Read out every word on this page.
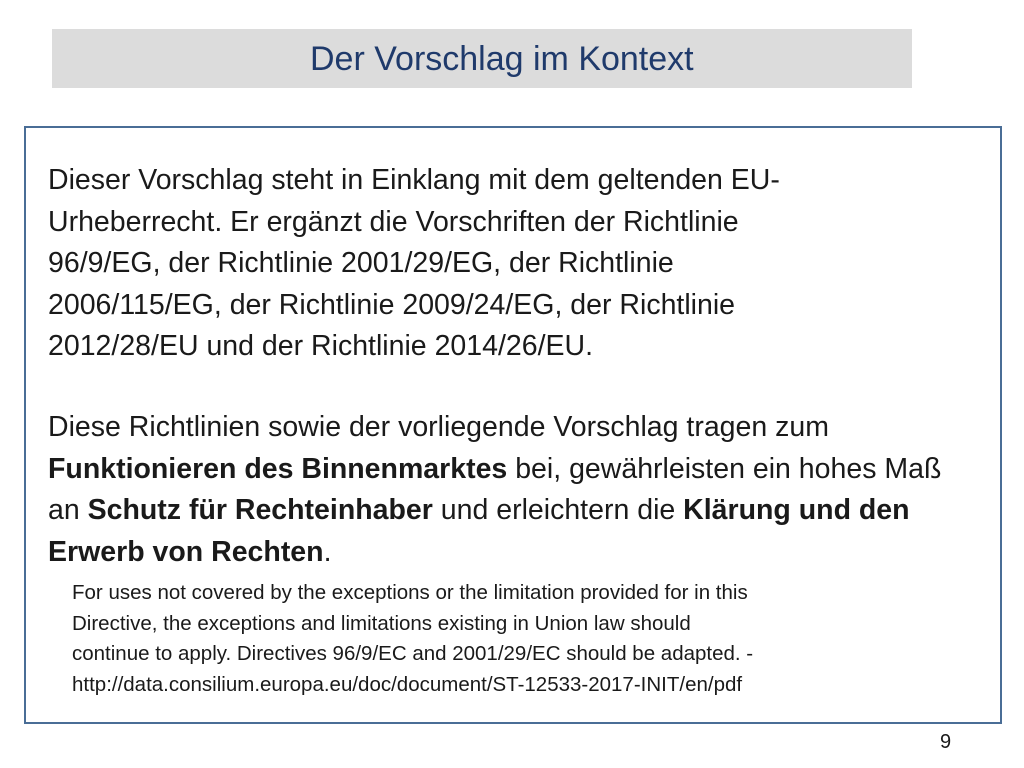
Der Vorschlag im Kontext

Dieser Vorschlag steht in Einklang mit dem geltenden EU-
Urheberrecht. Er ergänzt die Vorschriften der Richtlinie
96/9/EG, der Richtlinie 2001/29/EG, der Richtlinie
2006/115/EG, der Richtlinie 2009/24/EG, der Richtlinie
2012/28/EU und der Richtlinie 2014/26/EU.

Diese Richtlinien sowie der vorliegende Vorschlag tragen zum Funktionieren des Binnenmarktes bei, gewährleisten ein hohes Maß an Schutz für Rechteinhaber und erleichtern die Klärung und den Erwerb von Rechten.

For uses not covered by the exceptions or the limitation provided for in this
Directive, the exceptions and limitations existing in Union law should
continue to apply. Directives 96/9/EC and 2001/29/EC should be adapted. -
http://data.consilium.europa.eu/doc/document/ST-12533-2017-INIT/en/pdf

9
